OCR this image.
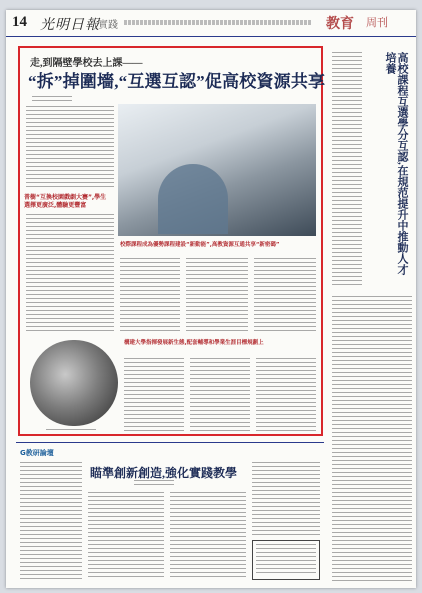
14 光明日報
實踐	教育 周刊
走,到隔壁學校去上課——
“拆”掉圍墻,“互選互認”促高校資源共享
普樹“互換校園戲劇大賽”,學生選擇更廣泛,體驗更豐富
校際課程成為優勢課程建設“新動能”,高教資源互通共享“新密碼”
構建大學指揮發展新生態,配套輔導和學業生涯目標規劃上
高校課程互選學分互認,在規范提升中推動人才培養
G教研論壇
瞄準創新創造,強化實踐教學
